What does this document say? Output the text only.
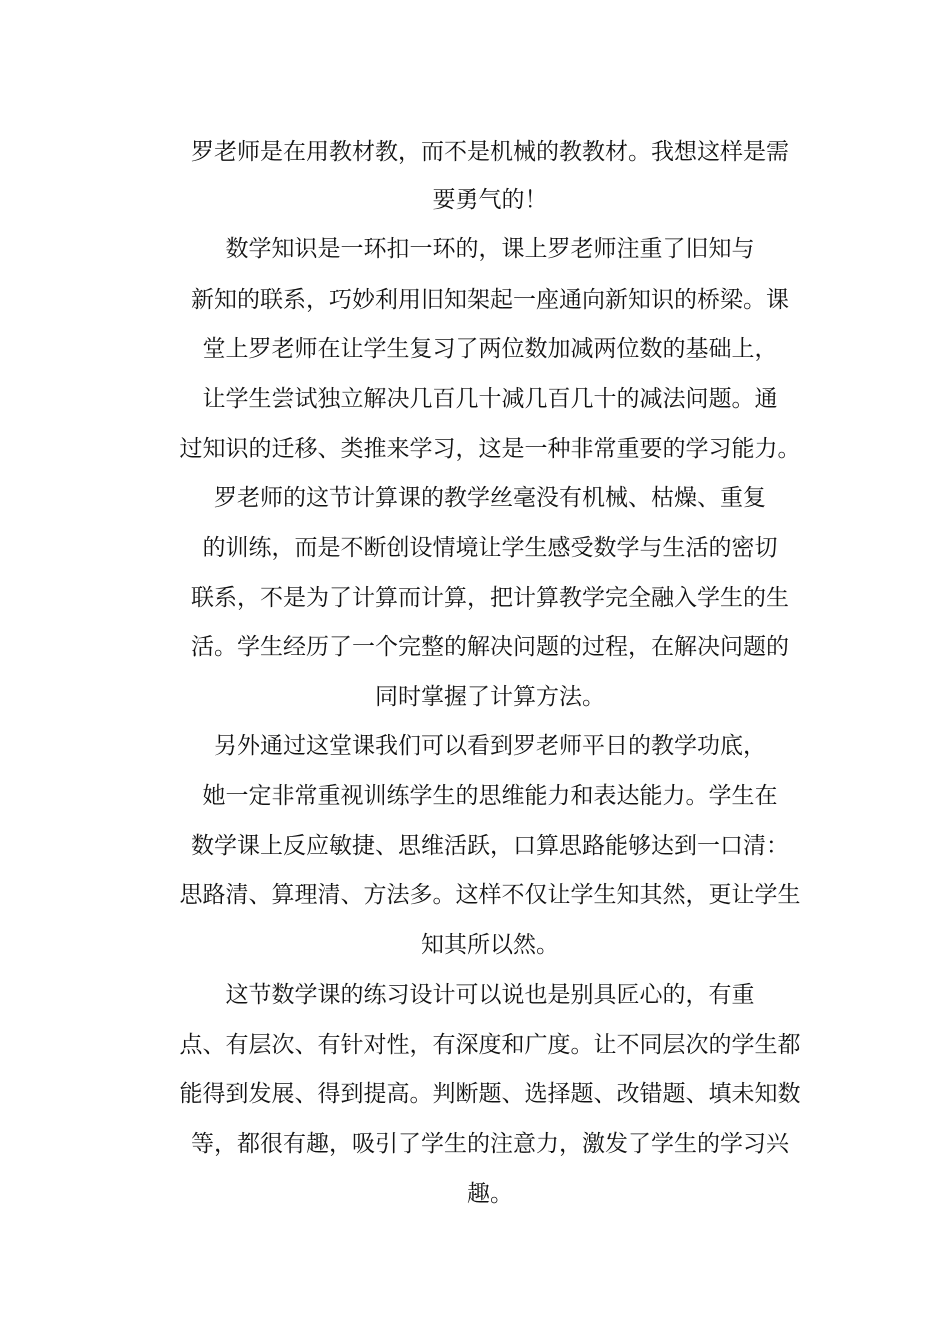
罗老师是在用教材教，而不是机械的教教材。我想这样是需
要勇气的！
数学知识是一环扣一环的，课上罗老师注重了旧知与
新知的联系，巧妙利用旧知架起一座通向新知识的桥梁。课
堂上罗老师在让学生复习了两位数加减两位数的基础上，
让学生尝试独立解决几百几十减几百几十的减法问题。通
过知识的迁移、类推来学习，这是一种非常重要的学习能力。
罗老师的这节计算课的教学丝毫没有机械、枯燥、重复
的训练，而是不断创设情境让学生感受数学与生活的密切
联系，不是为了计算而计算，把计算教学完全融入学生的生
活。学生经历了一个完整的解决问题的过程，在解决问题的
同时掌握了计算方法。
另外通过这堂课我们可以看到罗老师平日的教学功底，
她一定非常重视训练学生的思维能力和表达能力。学生在
数学课上反应敏捷、思维活跃，口算思路能够达到一口清：
思路清、算理清、方法多。这样不仅让学生知其然，更让学生
知其所以然。
这节数学课的练习设计可以说也是别具匠心的，有重
点、有层次、有针对性，有深度和广度。让不同层次的学生都
能得到发展、得到提高。判断题、选择题、改错题、填未知数
等，都很有趣，吸引了学生的注意力，激发了学生的学习兴
趣。
